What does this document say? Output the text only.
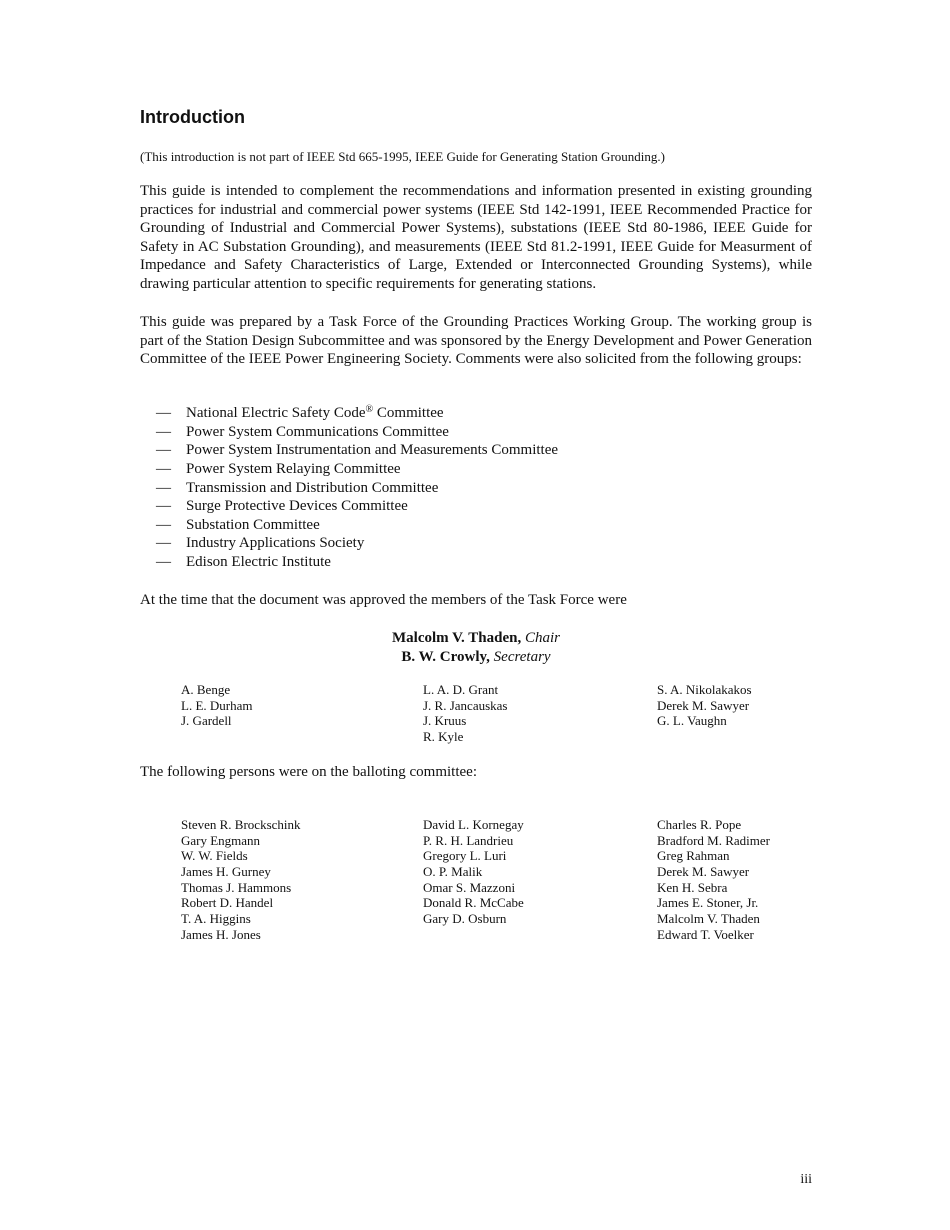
Introduction

(This introduction is not part of IEEE Std 665-1995, IEEE Guide for Generating Station Grounding.)

This guide is intended to complement the recommendations and information presented in existing grounding practices for industrial and commercial power systems (IEEE Std 142-1991, IEEE Recommended Practice for Grounding of Industrial and Commercial Power Systems), substations (IEEE Std 80-1986, IEEE Guide for Safety in AC Substation Grounding), and measurements (IEEE Std 81.2-1991, IEEE Guide for Measurment of Impedance and Safety Characteristics of Large, Extended or Interconnected Grounding Systems), while drawing particular attention to specific requirements for generating stations.

This guide was prepared by a Task Force of the Grounding Practices Working Group. The working group is part of the Station Design Subcommittee and was sponsored by the Energy Development and Power Generation Committee of the IEEE Power Engineering Society. Comments were also solicited from the following groups:

— National Electric Safety Code® Committee
— Power System Communications Committee
— Power System Instrumentation and Measurements Committee
— Power System Relaying Committee
— Transmission and Distribution Committee
— Surge Protective Devices Committee
— Substation Committee
— Industry Applications Society
— Edison Electric Institute

At the time that the document was approved the members of the Task Force were

Malcolm V. Thaden, Chair
B. W. Crowly, Secretary
A. Benge
L. E. Durham
J. Gardell
L. A. D. Grant
J. R. Jancauskas
J. Kruus
R. Kyle
S. A. Nikolakakos
Derek M. Sawyer
G. L. Vaughn

The following persons were on the balloting committee:

Steven R. Brockschink
Gary Engmann
W. W. Fields
James H. Gurney
Thomas J. Hammons
Robert D. Handel
T. A. Higgins
James H. Jones
David L. Kornegay
P. R. H. Landrieu
Gregory L. Luri
O. P. Malik
Omar S. Mazzoni
Donald R. McCabe
Gary D. Osburn
Charles R. Pope
Bradford M. Radimer
Greg Rahman
Derek M. Sawyer
Ken H. Sebra
James E. Stoner, Jr.
Malcolm V. Thaden
Edward T. Voelker
iii
